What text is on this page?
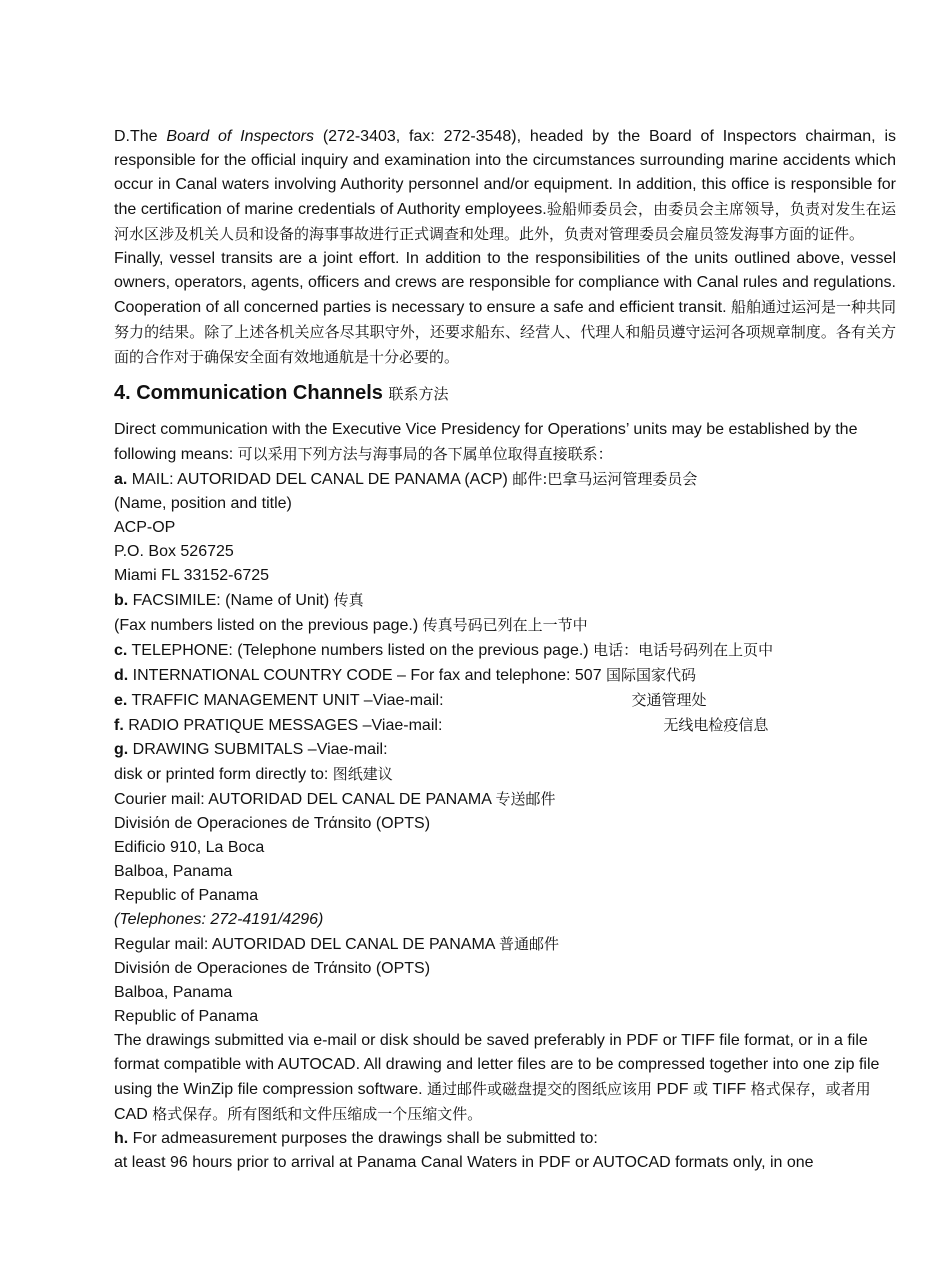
D.The Board of Inspectors (272-3403, fax: 272-3548), headed by the Board of Inspectors chairman, is responsible for the official inquiry and examination into the circumstances surrounding marine accidents which occur in Canal waters involving Authority personnel and/or equipment. In addition, this office is responsible for the certification of marine credentials of Authority employees.验船师委员会，由委员会主席领导，负责对发生在运河水区涉及机关人员和设备的海事事故进行正式调查和处理。此外，负责对管理委员会雇员签发海事方面的证件。

Finally, vessel transits are a joint effort. In addition to the responsibilities of the units outlined above, vessel owners, operators, agents, officers and crews are responsible for compliance with Canal rules and regulations. Cooperation of all concerned parties is necessary to ensure a safe and efficient transit. 船舶通过运河是一种共同努力的结果。除了上述各机关应各尽其职守外，还要求船东、经营人、代理人和船员遵守运河各项规章制度。各有关方面的合作对于确保安全面有效地通航是十分必要的。

4. Communication Channels 联系方法

Direct communication with the Executive Vice Presidency for Operations’ units may be established by the following means: 可以采用下列方法与海事局的各下属单位取得直接联系：

a. MAIL: AUTORIDAD DEL CANAL DE PANAMA (ACP) 邮件:巴拿马运河管理委员会

(Name, position and title)

ACP-OP

P.O. Box 526725

Miami FL 33152-6725

b. FACSIMILE: (Name of Unit) 传真

(Fax numbers listed on the previous page.) 传真号码已列在上一节中

c. TELEPHONE: (Telephone numbers listed on the previous page.) 电话：电话号码列在上页中

d. INTERNATIONAL COUNTRY CODE – For fax and telephone: 507 国际国家代码

e. TRAFFIC MANAGEMENT UNIT –Viae-mail:	交通管理处

f. RADIO PRATIQUE MESSAGES –Viae-mail:	无线电检疫信息

g. DRAWING SUBMITALS –Viae-mail:

disk or printed form directly to: 图纸建议

Courier mail: AUTORIDAD DEL CANAL DE PANAMA 专送邮件

Divisiόn de Operaciones de Trάnsito (OPTS)

Edificio 910, La Boca

Balboa, Panama

Republic of Panama

(Telephones: 272-4191/4296)

Regular mail: AUTORIDAD DEL CANAL DE PANAMA 普通邮件

Divisiόn de Operaciones de Trάnsito (OPTS)

Balboa, Panama

Republic of Panama

The drawings submitted via e-mail or disk should be saved preferably in PDF or TIFF file format, or in a file format compatible with AUTOCAD. All drawing and letter files are to be compressed together into one zip file using the WinZip file compression software. 通过邮件或磁盘提交的图纸应该用 PDF 或 TIFF 格式保存，或者用 CAD 格式保存。所有图纸和文件压缩成一个压缩文件。

h. For admeasurement purposes the drawings shall be submitted to:

at least 96 hours prior to arrival at Panama Canal Waters in PDF or AUTOCAD formats only, in one
